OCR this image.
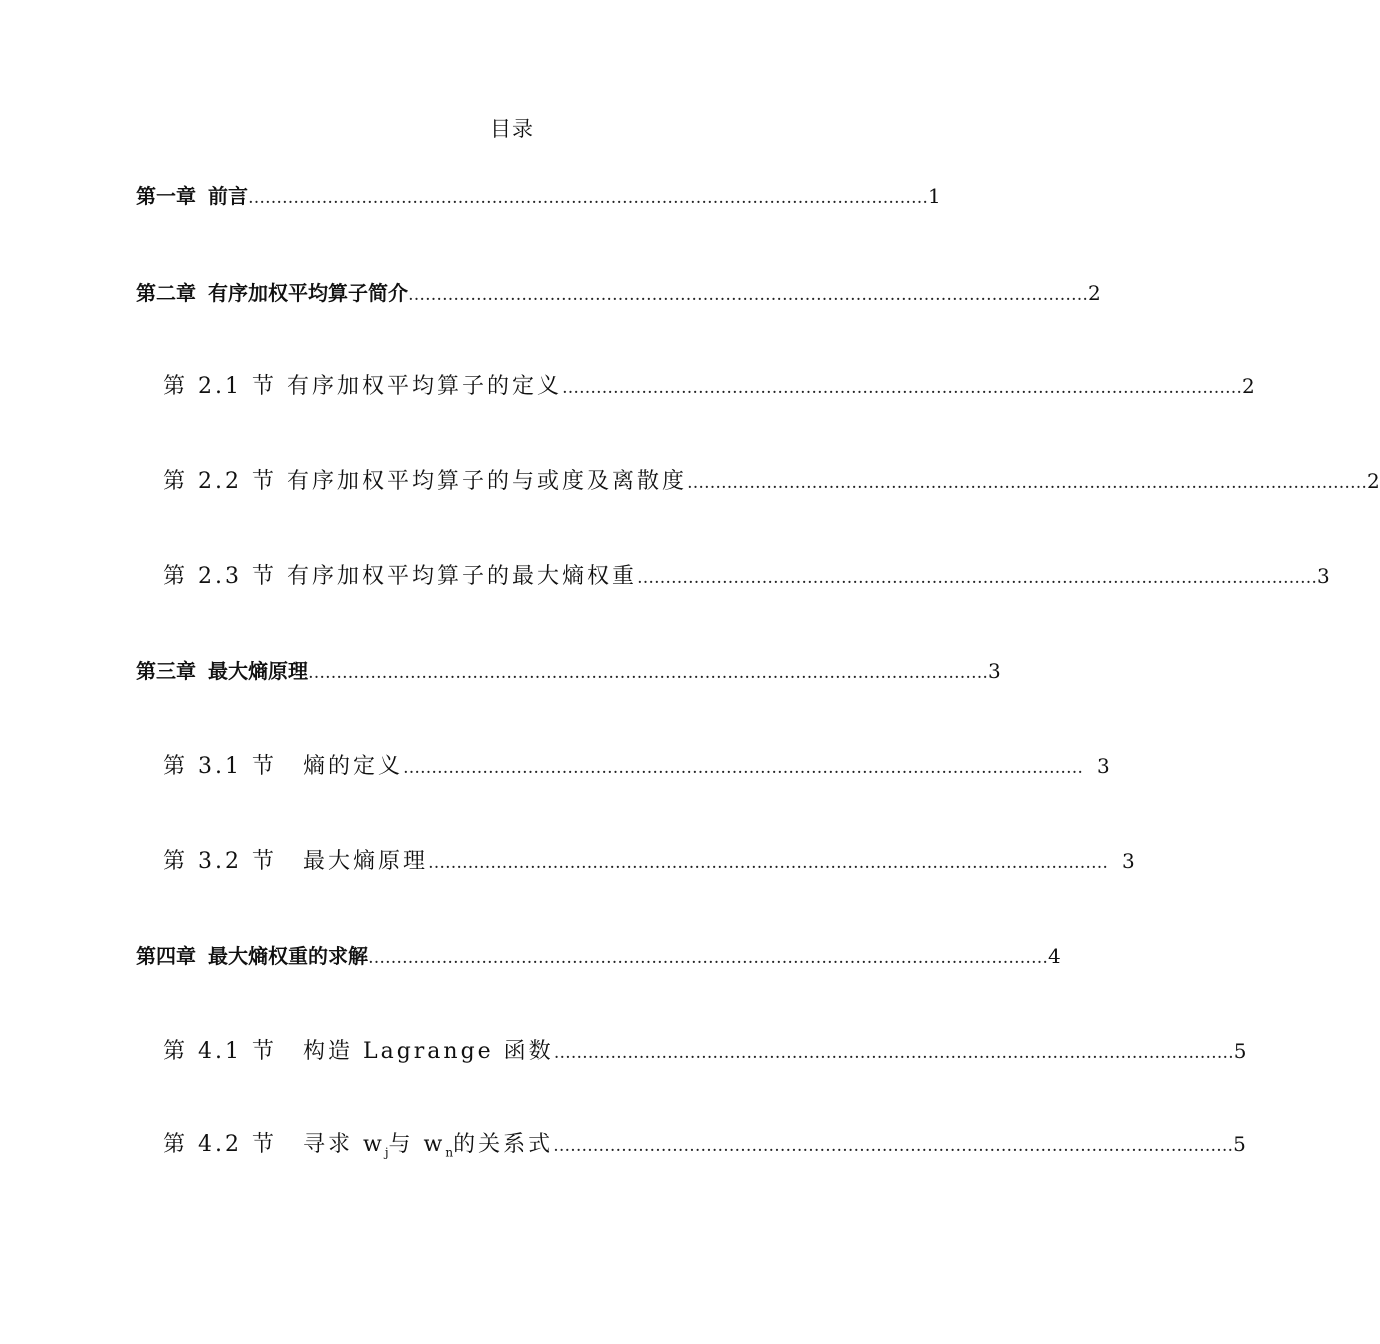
目录
第一章 前言 ………………………………………………………………………………………………………… 1
第二章 有序加权平均算子简介 ………………………………………………………………………………………………………… 2
第 2.1 节 有序加权平均算子的定义 ………………………………………………………………………………………………………… 2
第 2.2 节 有序加权平均算子的与或度及离散度 ………………………………………………………………………………………………………… 2
第 2.3 节 有序加权平均算子的最大熵权重 ………………………………………………………………………………………………………… 3
第三章 最大熵原理 ………………………………………………………………………………………………………… 3
第 3.1 节 熵的定义 ………………………………………………………………………………………………………… 3
第 3.2 节 最大熵原理 ………………………………………………………………………………………………………… 3
第四章 最大熵权重的求解 ………………………………………………………………………………………………………… 4
第 4.1 节 构造 Lagrange 函数 ………………………………………………………………………………………………………… 5
第 4.2 节 寻求 $w_j$与 $w_n$的关系式 ………………………………………………………………………………………………………… 5
